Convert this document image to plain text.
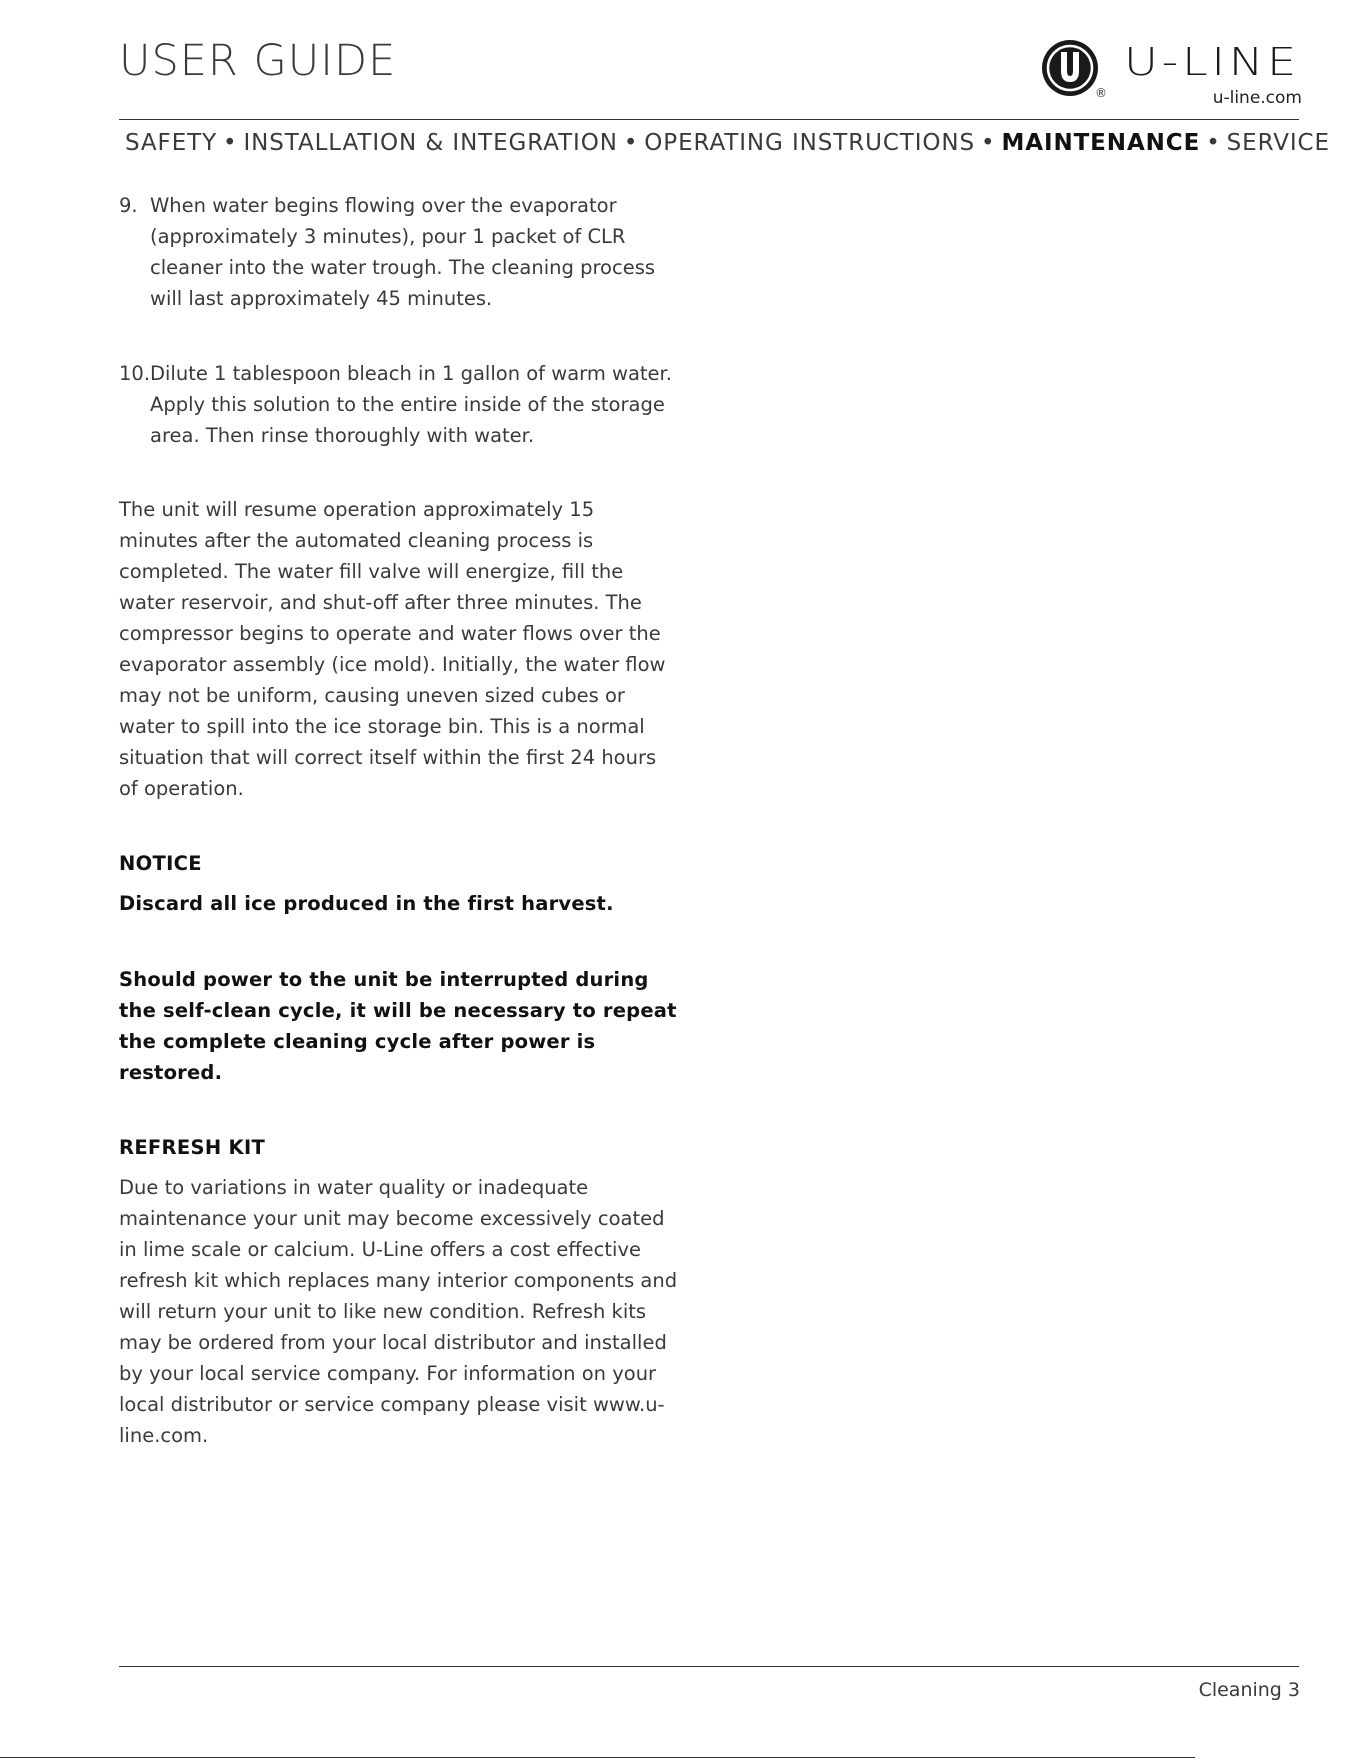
USER GUIDE
®
U-LINE
u-line.com
SAFETY • INSTALLATION & INTEGRATION • OPERATING INSTRUCTIONS • MAINTENANCE • SERVICE
9. When water begins flowing over the evaporator (approximately 3 minutes), pour 1 packet of CLR cleaner into the water trough. The cleaning process will last approximately 45 minutes.
10. Dilute 1 tablespoon bleach in 1 gallon of warm water. Apply this solution to the entire inside of the storage area. Then rinse thoroughly with water.

The unit will resume operation approximately 15 minutes after the automated cleaning process is completed. The water fill valve will energize, fill the water reservoir, and shut-off after three minutes. The compressor begins to operate and water flows over the evaporator assembly (ice mold). Initially, the water flow may not be uniform, causing uneven sized cubes or water to spill into the ice storage bin. This is a normal situation that will correct itself within the first 24 hours of operation.

NOTICE

Discard all ice produced in the first harvest.

Should power to the unit be interrupted during the self-clean cycle, it will be necessary to repeat the complete cleaning cycle after power is restored.

REFRESH KIT

Due to variations in water quality or inadequate maintenance your unit may become excessively coated in lime scale or calcium. U-Line offers a cost effective refresh kit which replaces many interior components and will return your unit to like new condition. Refresh kits may be ordered from your local distributor and installed by your local service company. For information on your local distributor or service company please visit www.u-line.com.

Cleaning 3
